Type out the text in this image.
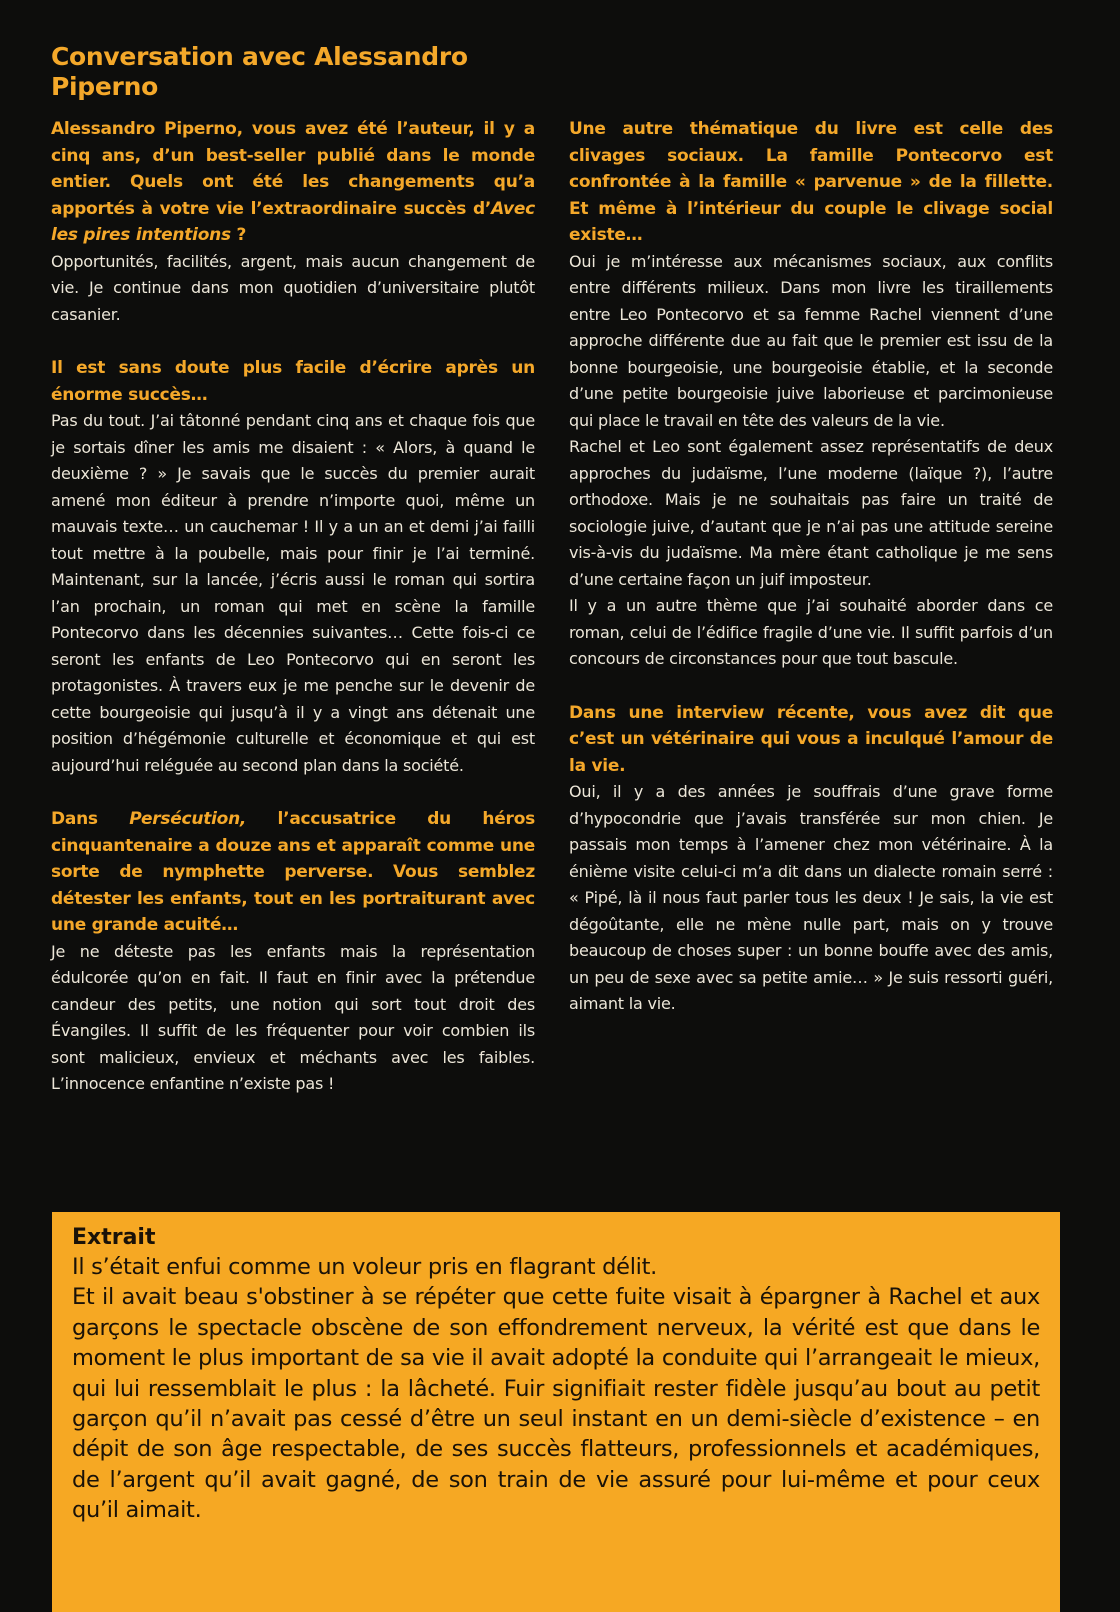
Conversation avec Alessandro Piperno

Alessandro Piperno, vous avez été l’auteur, il y a cinq ans, d’un best-seller publié dans le monde entier. Quels ont été les changements qu’a apportés à votre vie l’extraordinaire succès d’Avec les pires intentions ?

Opportunités, facilités, argent, mais aucun changement de vie. Je continue dans mon quotidien d’universitaire plutôt casanier.

Il est sans doute plus facile d’écrire après un énorme succès…

Pas du tout. J’ai tâtonné pendant cinq ans et chaque fois que je sortais dîner les amis me disaient : « Alors, à quand le deuxième ? » Je savais que le succès du premier aurait amené mon éditeur à prendre n’importe quoi, même un mauvais texte… un cauchemar ! Il y a un an et demi j’ai failli tout mettre à la poubelle, mais pour finir je l’ai terminé. Maintenant, sur la lancée, j’écris aussi le roman qui sortira l’an prochain, un roman qui met en scène la famille Pontecorvo dans les décennies suivantes… Cette fois-ci ce seront les enfants de Leo Pontecorvo qui en seront les protagonistes. À travers eux je me penche sur le devenir de cette bourgeoisie qui jusqu’à il y a vingt ans détenait une position d’hégémonie culturelle et économique et qui est aujourd’hui reléguée au second plan dans la société.

Dans Persécution, l’accusatrice du héros cinquantenaire a douze ans et apparaît comme une sorte de nymphette perverse. Vous semblez détester les enfants, tout en les portraiturant avec une grande acuité…

Je ne déteste pas les enfants mais la représentation édulcorée qu’on en fait. Il faut en finir avec la prétendue candeur des petits, une notion qui sort tout droit des Évangiles. Il suffit de les fréquenter pour voir combien ils sont malicieux, envieux et méchants avec les faibles. L’innocence enfantine n’existe pas !

Une autre thématique du livre est celle des clivages sociaux. La famille Pontecorvo est confrontée à la famille « parvenue » de la fillette. Et même à l’intérieur du couple le clivage social existe…

Oui je m’intéresse aux mécanismes sociaux, aux conflits entre différents milieux. Dans mon livre les tiraillements entre Leo Pontecorvo et sa femme Rachel viennent d’une approche différente due au fait que le premier est issu de la bonne bourgeoisie, une bourgeoisie établie, et la seconde d’une petite bourgeoisie juive laborieuse et parcimonieuse qui place le travail en tête des valeurs de la vie.

Rachel et Leo sont également assez représentatifs de deux approches du judaïsme, l’une moderne (laïque ?), l’autre orthodoxe. Mais je ne souhaitais pas faire un traité de sociologie juive, d’autant que je n’ai pas une attitude sereine vis-à-vis du judaïsme. Ma mère étant catholique je me sens d’une certaine façon un juif imposteur.

Il y a un autre thème que j’ai souhaité aborder dans ce roman, celui de l’édifice fragile d’une vie. Il suffit parfois d’un concours de circonstances pour que tout bascule.

Dans une interview récente, vous avez dit que c’est un vétérinaire qui vous a inculqué l’amour de la vie.

Oui, il y a des années je souffrais d’une grave forme d’hypocondrie que j’avais transférée sur mon chien. Je passais mon temps à l’amener chez mon vétérinaire. À la énième visite celui-ci m’a dit dans un dialecte romain serré : « Pipé, là il nous faut parler tous les deux ! Je sais, la vie est dégoûtante, elle ne mène nulle part, mais on y trouve beaucoup de choses super : un bonne bouffe avec des amis, un peu de sexe avec sa petite amie… » Je suis ressorti guéri, aimant la vie.

Extrait

Il s’était enfui comme un voleur pris en flagrant délit.

Et il avait beau s'obstiner à se répéter que cette fuite visait à épargner à Rachel et aux garçons le spectacle obscène de son effondrement nerveux, la vérité est que dans le moment le plus important de sa vie il avait adopté la conduite qui l’arrangeait le mieux, qui lui ressemblait le plus : la lâcheté. Fuir signifiait rester fidèle jusqu’au bout au petit garçon qu’il n’avait pas cessé d’être un seul instant en un demi-siècle d’existence – en dépit de son âge respectable, de ses succès flatteurs, professionnels et académiques, de l’argent qu’il avait gagné, de son train de vie assuré pour lui-même et pour ceux qu’il aimait.
